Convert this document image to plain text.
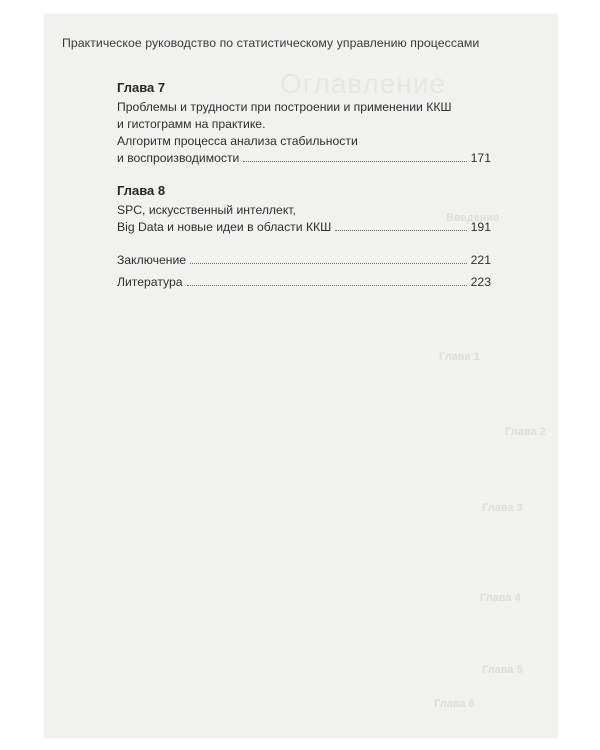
Практическое руководство по статистическому управлению процессами
Оглавление
Введение
Глава 1
Глава 2
Глава 3
Глава 4
Глава 5
Глава 6
Глава 7
Проблемы и трудности при построении и применении ККШ
и гистограмм на практике.
Алгоритм процесса анализа стабильности
и воспроизводимости	171
Глава 8
SPC, искусственный интеллект,
Big Data и новые идеи в области ККШ	191
Заключение	221
Литература	223
